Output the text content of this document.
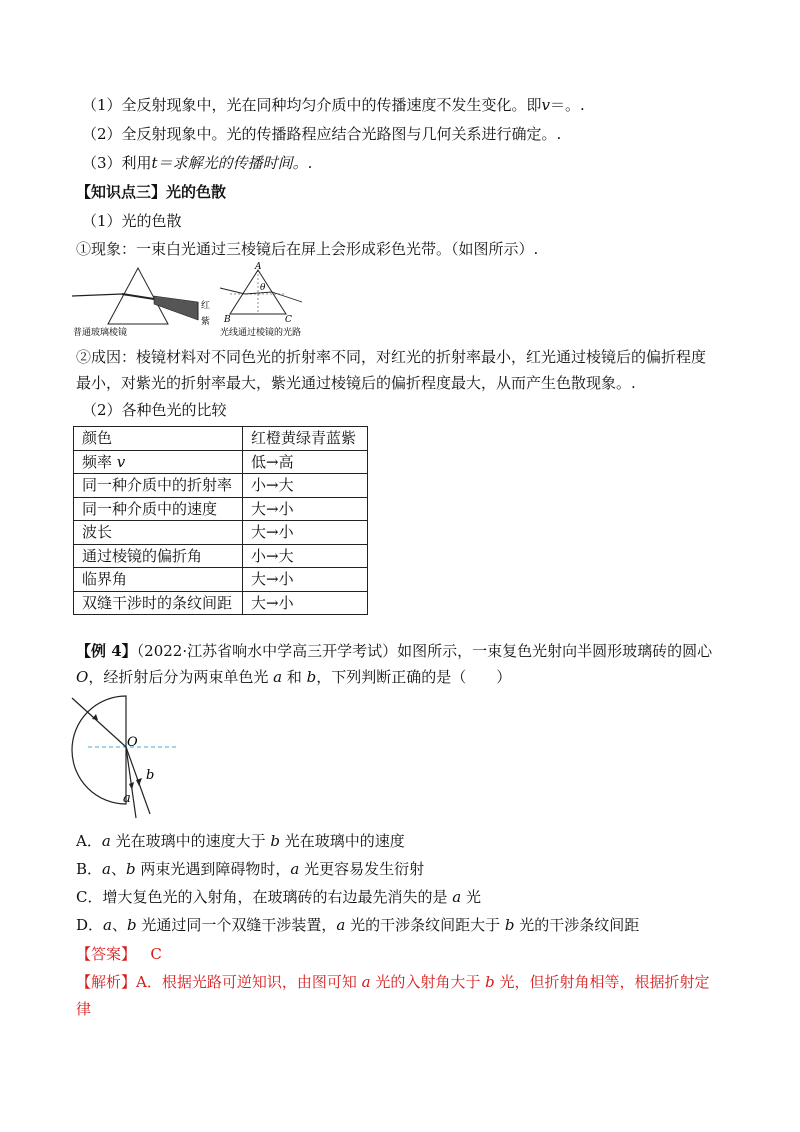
（1）全反射现象中，光在同种均匀介质中的传播速度不发生变化。即v＝。.
（2）全反射现象中。光的传播路程应结合光路图与几何关系进行确定。.
（3）利用t＝求解光的传播时间。.
【知识点三】光的色散
（1）光的色散
①现象：一束白光通过三棱镜后在屏上会形成彩色光带。（如图所示）.
红
紫
普通玻璃棱镜
A
B	C
θ
光线通过棱镜的光路
②成因：棱镜材料对不同色光的折射率不同，对红光的折射率最小，红光通过棱镜后的偏折程度
最小，对紫光的折射率最大，紫光通过棱镜后的偏折程度最大，从而产生色散现象。.
（2）各种色光的比较
颜色	红橙黄绿青蓝紫
频率 v	低→高
同一种介质中的折射率	小→大
同一种介质中的速度	大→小
波长	大→小
通过棱镜的偏折角	小→大
临界角	大→小
双缝干涉时的条纹间距	大→小
【例 4】（2022·江苏省响水中学高三开学考试）如图所示，一束复色光射向半圆形玻璃砖的圆心
O，经折射后分为两束单色光 a 和 b，下列判断正确的是（　　）
O
b
a
A．a 光在玻璃中的速度大于 b 光在玻璃中的速度
B．a、b 两束光遇到障碍物时，a 光更容易发生衍射
C．增大复色光的入射角，在玻璃砖的右边最先消失的是 a 光
D．a、b 光通过同一个双缝干涉装置，a 光的干涉条纹间距大于 b 光的干涉条纹间距
【答案】 C
【解析】A．根据光路可逆知识，由图可知 a 光的入射角大于 b 光，但折射角相等，根据折射定
律
